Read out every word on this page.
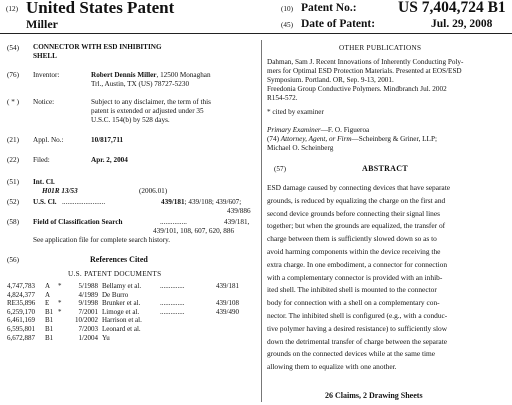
(12) United States Patent
Miller
(10) Patent No.:	US 7,404,724 B1
(45) Date of Patent:	Jul. 29, 2008
(54) CONNECTOR WITH ESD INHIBITING
SHELL
(76) Inventor:	Robert Dennis Miller, 12500 Monaghan
Trl., Austin, TX (US) 78727-5230
( * ) Notice:	Subject to any disclaimer, the term of this
patent is extended or adjusted under 35
U.S.C. 154(b) by 528 days.
(21) Appl. No.:	10/817,711
(22) Filed:	Apr. 2, 2004
(51) Int. Cl.
H01R 13/53	(2006.01)
(52) U.S. Cl. ........................	439/181; 439/108; 439/607;
439/886
(58) Field of Classification Search	...............	439/181,
439/101, 108, 607, 620, 886
See application file for complete search history.
(56)	References Cited
U.S. PATENT DOCUMENTS
4,747,783	A	*	5/1988	Bellamy et al.	..............	439/181
4,824,377	A		4/1989	De Burro		
RE35,896	E	*	9/1998	Brunker et al.	..............	439/108
6,259,170	B1	*	7/2001	Limoge et al.	..............	439/490
6,461,169	B1		10/2002	Harrison et al.		
6,595,801	B1		7/2003	Leonard et al.		
6,672,887	B1		1/2004	Yu		
OTHER PUBLICATIONS
Dahman, Sam J. Recent Innovations of Inherently Conducting Poly-
mers for Optimal ESD Protection Materials. Presented at EOS/ESD
Symposium. Portland. OR, Sep. 9-13, 2001.
Freedonia Group Conductive Polymers. Mindbranch Jul. 2002
R154-572.
* cited by examiner
Primary Examiner—F. O. Figueroa
(74) Attorney, Agent, or Firm—Scheinberg & Griner, LLP;
Michael O. Scheinberg
(57)	ABSTRACT
ESD damage caused by connecting devices that have separate
grounds, is reduced by equalizing the charge on the first and
second device grounds before connecting their signal lines
together; but when the grounds are equalized, the transfer of
charge between them is sufficiently slowed down so as to
avoid harming components within the device receiving the
extra charge. In one embodiment, a connector for connection
with a complementary connector is provided with an inhib-
ited shell. The inhibited shell is mounted to the connector
body for connection with a shell on a complementary con-
nector. The inhibited shell is configured (e.g., with a conduc-
tive polymer having a desired resistance) to sufficiently slow
down the detrimental transfer of charge between the separate
grounds on the connected devices while at the same time
allowing them to equalize with one another.
26 Claims, 2 Drawing Sheets
